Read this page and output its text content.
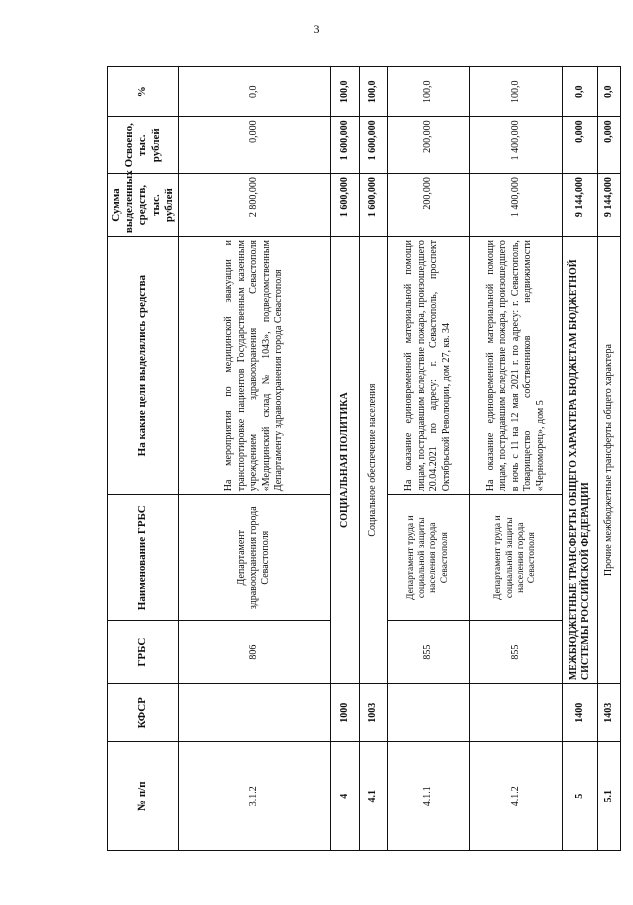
3
№ п/п	КФСР	ГРБС	Наименование ГРБС	На какие цели выделялись средства	Сумма выделенных средств, тыс. рублей	Освоено, тыс. рублей	%
3.1.2		806	Департамент здравоохранения города Севастополя	На мероприятия по медицинской эвакуации и транспортировке пациентов Государственным казенным учреждением здравоохранения Севастополя «Медицинский склад № 1043», подведомственным Департаменту здравоохранения города Севастополя	2 800,000	0,000	0,0
4	1000	СОЦИАЛЬНАЯ ПОЛИТИКА			1 600,000	1 600,000	100,0
4.1	1003	Социальное обеспечение населения			1 600,000	1 600,000	100,0
4.1.1		855	Департамент труда и социальной защиты населения города Севастополя	На оказание единовременной материальной помощи лицам, пострадавшим вследствие пожара, произошедшего 20.04.2021 по адресу: г. Севастополь, проспект Октябрьской Революции, дом 27, кв. 34	200,000	200,000	100,0
4.1.2		855	Департамент труда и социальной защиты населения города Севастополя	На оказание единовременной материальной помощи лицам, пострадавшим вследствие пожара, произошедшего в ночь с 11 на 12 мая 2021 г. по адресу: г. Севастополь, Товарищество собственников недвижимости «Черноморец», дом 5	1 400,000	1 400,000	100,0
5	1400	МЕЖБЮДЖЕТНЫЕ ТРАНСФЕРТЫ ОБЩЕГО ХАРАКТЕРА БЮДЖЕТАМ БЮДЖЕТНОЙ СИСТЕМЫ РОССИЙСКОЙ ФЕДЕРАЦИИ			9 144,000	0,000	0,0
5.1	1403	Прочие межбюджетные трансферты общего характера			9 144,000	0,000	0,0
